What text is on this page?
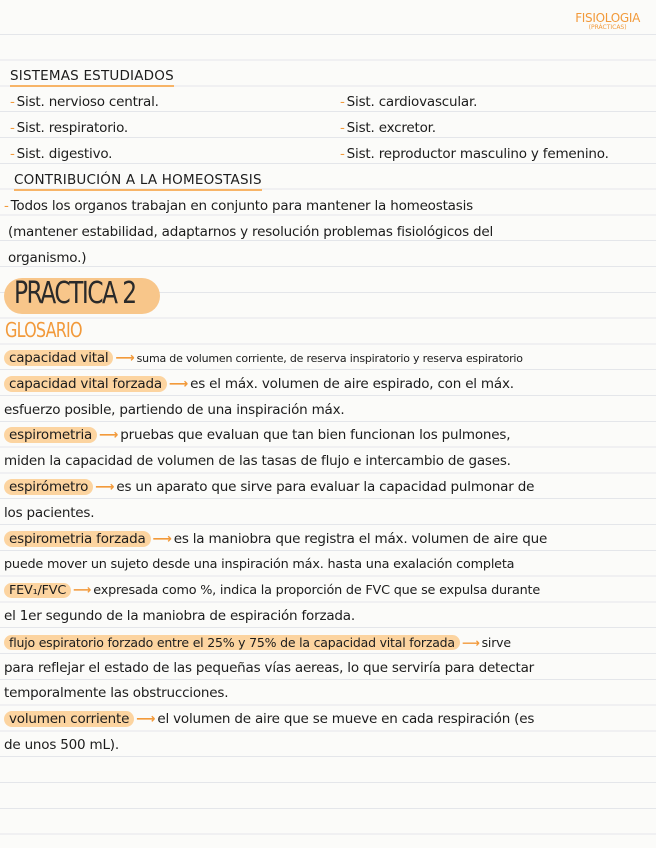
FISIOLOGIA
(PRÁCTICAS)
SISTEMAS ESTUDIADOS
- Sist. nervioso central.
- Sist. respiratorio.
- Sist. digestivo.
- Sist. cardiovascular.
- Sist. excretor.
- Sist. reproductor masculino y femenino.
CONTRIBUCIÓN A LA HOMEOSTASIS
- Todos los organos trabajan en conjunto para mantener la homeostasis
(mantener estabilidad, adaptarnos y resolución problemas fisiológicos del
organismo.)
PRACTICA 2
GLOSARIO
capacidad vital ⟶ suma de volumen corriente, de reserva inspiratorio y reserva espiratorio
capacidad vital forzada ⟶ es el máx. volumen de aire espirado, con el máx.
esfuerzo posible, partiendo de una inspiración máx.
espirometria ⟶ pruebas que evaluan que tan bien funcionan los pulmones,
miden la capacidad de volumen de las tasas de flujo e intercambio de gases.
espirómetro ⟶ es un aparato que sirve para evaluar la capacidad pulmonar de
los pacientes.
espirometria forzada ⟶ es la maniobra que registra el máx. volumen de aire que
puede mover un sujeto desde una inspiración máx. hasta una exalación completa
FEV₁/FVC ⟶ expresada como %, indica la proporción de FVC que se expulsa durante
el 1er segundo de la maniobra de espiración forzada.
flujo espiratorio forzado entre el 25% y 75% de la capacidad vital forzada ⟶ sirve
para reflejar el estado de las pequeñas vías aereas, lo que serviría para detectar
temporalmente las obstrucciones.
volumen corriente ⟶ el volumen de aire que se mueve en cada respiración (es
de unos 500 mL).
